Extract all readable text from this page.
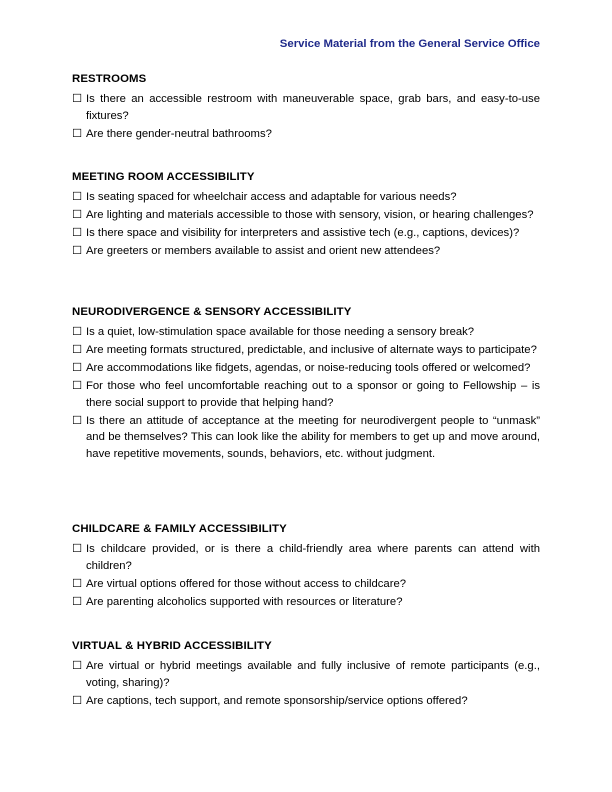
Service Material from the General Service Office
RESTROOMS
☐ Is there an accessible restroom with maneuverable space, grab bars, and easy-to-use fixtures?
☐ Are there gender-neutral bathrooms?
MEETING ROOM ACCESSIBILITY
☐ Is seating spaced for wheelchair access and adaptable for various needs?
☐ Are lighting and materials accessible to those with sensory, vision, or hearing challenges?
☐ Is there space and visibility for interpreters and assistive tech (e.g., captions, devices)?
☐ Are greeters or members available to assist and orient new attendees?
NEURODIVERGENCE & SENSORY ACCESSIBILITY
☐ Is a quiet, low-stimulation space available for those needing a sensory break?
☐ Are meeting formats structured, predictable, and inclusive of alternate ways to participate?
☐ Are accommodations like fidgets, agendas, or noise-reducing tools offered or welcomed?
☐ For those who feel uncomfortable reaching out to a sponsor or going to Fellowship – is there social support to provide that helping hand?
☐ Is there an attitude of acceptance at the meeting for neurodivergent people to “unmask” and be themselves? This can look like the ability for members to get up and move around, have repetitive movements, sounds, behaviors, etc. without judgment.
CHILDCARE & FAMILY ACCESSIBILITY
☐ Is childcare provided, or is there a child-friendly area where parents can attend with children?
☐ Are virtual options offered for those without access to childcare?
☐ Are parenting alcoholics supported with resources or literature?
VIRTUAL & HYBRID ACCESSIBILITY
☐ Are virtual or hybrid meetings available and fully inclusive of remote participants (e.g., voting, sharing)?
☐ Are captions, tech support, and remote sponsorship/service options offered?
